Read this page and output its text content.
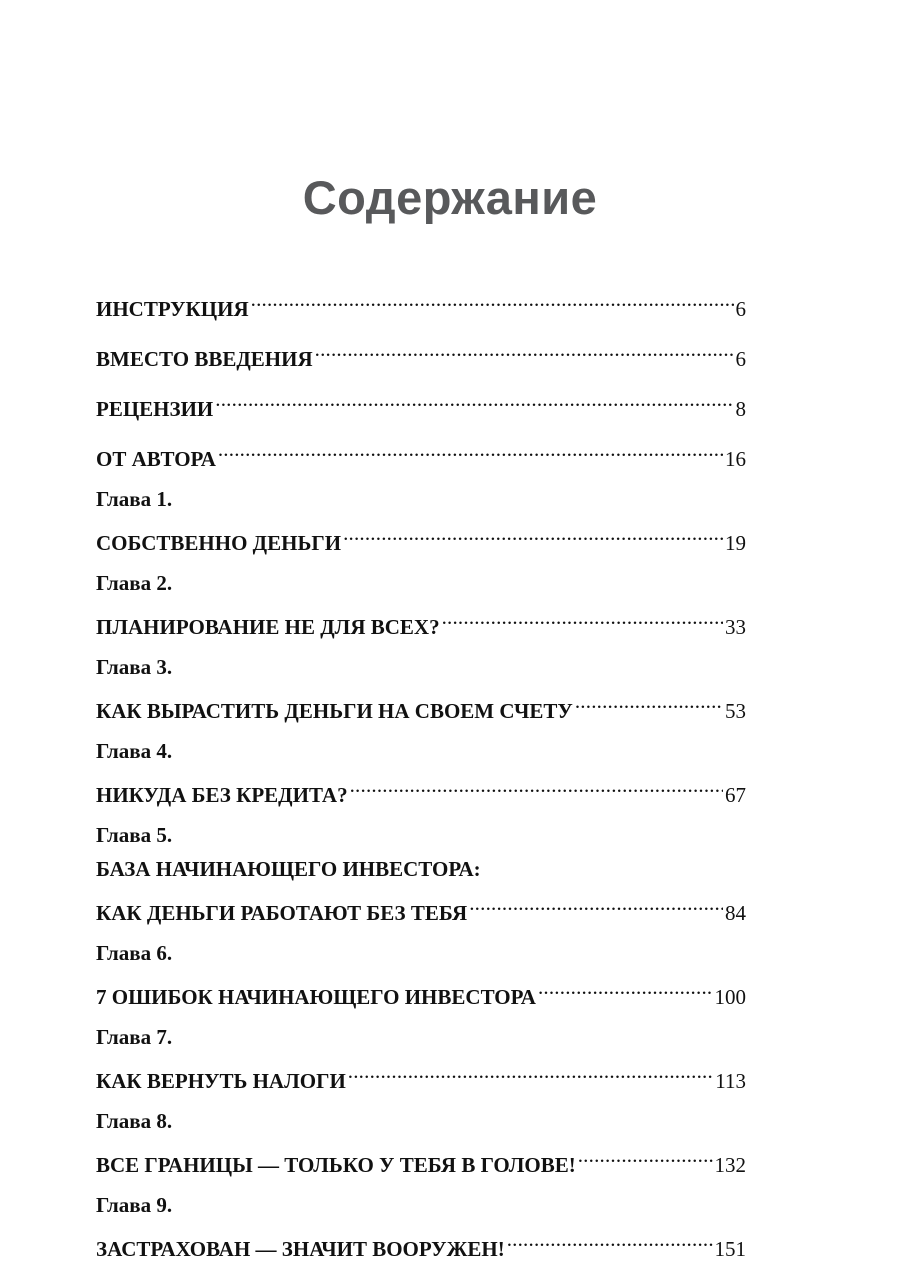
Содержание
ИНСТРУКЦИЯ .....	6
ВМЕСТО ВВЕДЕНИЯ .....	6
РЕЦЕНЗИИ .....	8
ОТ АВТОРА .....	16
Глава 1.
СОБСТВЕННО ДЕНЬГИ .....	19
Глава 2.
ПЛАНИРОВАНИЕ НЕ ДЛЯ ВСЕХ? .....	33
Глава 3.
КАК ВЫРАСТИТЬ ДЕНЬГИ НА СВОЕМ СЧЕТУ .....	53
Глава 4.
НИКУДА БЕЗ КРЕДИТА? .....	67
Глава 5.
БАЗА НАЧИНАЮЩЕГО ИНВЕСТОРА:
КАК ДЕНЬГИ РАБОТАЮТ БЕЗ ТЕБЯ .....	84
Глава 6.
7 ОШИБОК НАЧИНАЮЩЕГО ИНВЕСТОРА .....	100
Глава 7.
КАК ВЕРНУТЬ НАЛОГИ .....	113
Глава 8.
ВСЕ ГРАНИЦЫ — ТОЛЬКО У ТЕБЯ В ГОЛОВЕ! .....	132
Глава 9.
ЗАСТРАХОВАН — ЗНАЧИТ ВООРУЖЕН! .....	151
